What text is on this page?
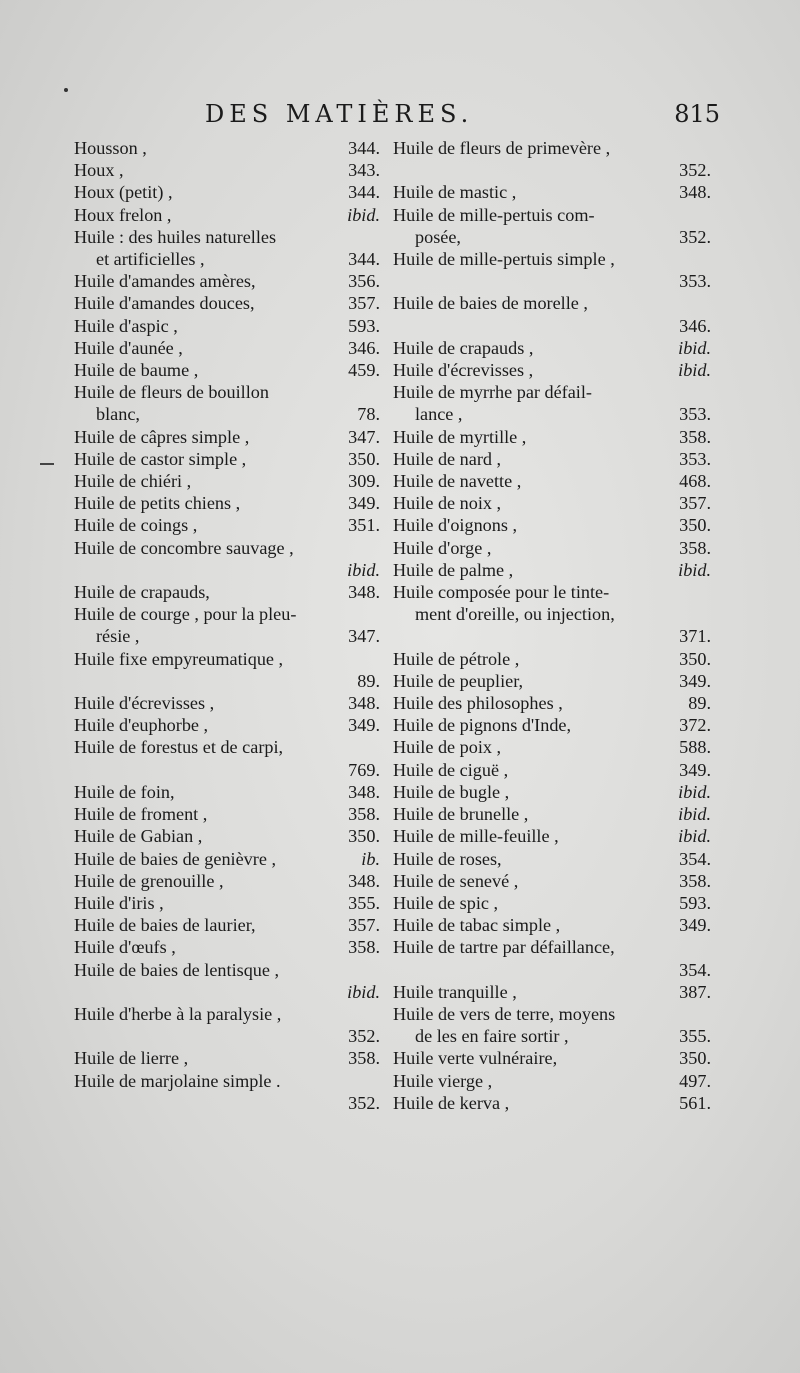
DES MATIÈRES.	815
Housson ,	344.
Houx ,	343.
Houx (petit) ,	344.
Houx frelon ,	ibid.
Huile : des huiles naturelles
et artificielles ,	344.
Huile d'amandes amères,	356.
Huile d'amandes douces,	357.
Huile d'aspic ,	593.
Huile d'aunée ,	346.
Huile de baume ,	459.
Huile de fleurs de bouillon
blanc,	78.
Huile de câpres simple ,	347.
Huile de castor simple ,	350.
Huile de chiéri ,	309.
Huile de petits chiens ,	349.
Huile de coings ,	351.
Huile de concombre sauvage ,
ibid.
Huile de crapauds,	348.
Huile de courge , pour la pleu-
résie ,	347.
Huile fixe empyreumatique ,
89.
Huile d'écrevisses ,	348.
Huile d'euphorbe ,	349.
Huile de forestus et de carpi,
769.
Huile de foin,	348.
Huile de froment ,	358.
Huile de Gabian ,	350.
Huile de baies de genièvre ,	ib.
Huile de grenouille ,	348.
Huile d'iris ,	355.
Huile de baies de laurier,	357.
Huile d'œufs ,	358.
Huile de baies de lentisque ,
ibid.
Huile d'herbe à la paralysie ,
352.
Huile de lierre ,	358.
Huile de marjolaine simple .
352.
Huile de fleurs de primevère ,
352.
Huile de mastic ,	348.
Huile de mille-pertuis com-
posée,	352.
Huile de mille-pertuis simple ,
353.
Huile de baies de morelle ,
346.
Huile de crapauds ,	ibid.
Huile d'écrevisses ,	ibid.
Huile de myrrhe par défail-
lance ,	353.
Huile de myrtille ,	358.
Huile de nard ,	353.
Huile de navette ,	468.
Huile de noix ,	357.
Huile d'oignons ,	350.
Huile d'orge ,	358.
Huile de palme ,	ibid.
Huile composée pour le tinte-
ment d'oreille, ou injection,
371.
Huile de pétrole ,	350.
Huile de peuplier,	349.
Huile des philosophes ,	89.
Huile de pignons d'Inde,	372.
Huile de poix ,	588.
Huile de ciguë ,	349.
Huile de bugle ,	ibid.
Huile de brunelle ,	ibid.
Huile de mille-feuille ,	ibid.
Huile de roses,	354.
Huile de senevé ,	358.
Huile de spic ,	593.
Huile de tabac simple ,	349.
Huile de tartre par défaillance,
354.
Huile tranquille ,	387.
Huile de vers de terre, moyens
de les en faire sortir ,	355.
Huile verte vulnéraire,	350.
Huile vierge ,	497.
Huile de kerva ,	561.
